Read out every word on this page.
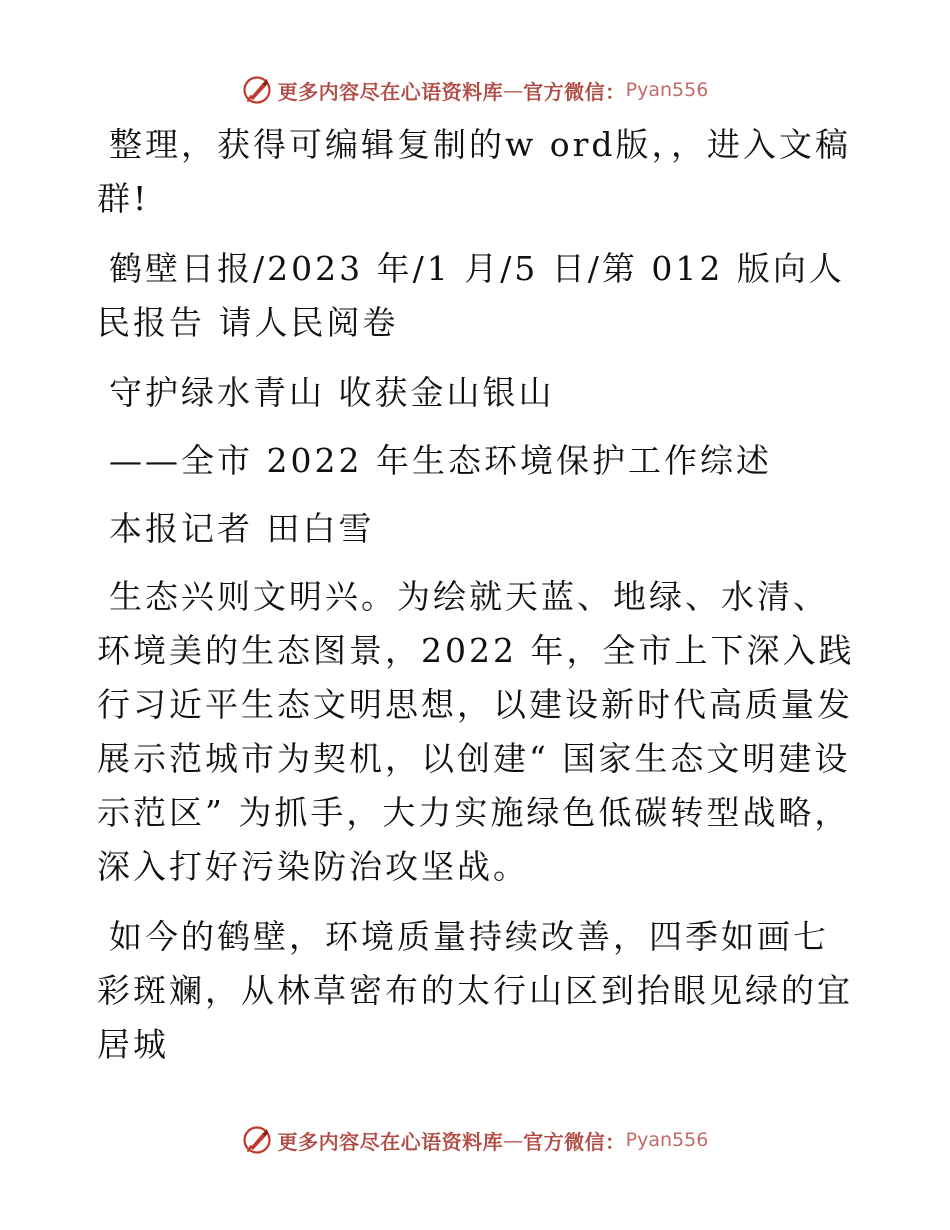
更多内容尽在心语资料库 — 官方微信： Pyan556

整理，获得可编辑复制的w ord版，，进入文稿群!

鹤壁日报/2023 年/1 月/5 日/第 012 版向人民报告 请人民阅卷

守护绿水青山 收获金山银山

——全市 2022 年生态环境保护工作综述

本报记者 田白雪

生态兴则文明兴。为绘就天蓝、地绿、水清、环境美的生态图景，2022 年，全市上下深入践行习近平生态文明思想，以建设新时代高质量发展示范城市为契机，以创建“ 国家生态文明建设示范区” 为抓手，大力实施绿色低碳转型战略，深入打好污染防治攻坚战。

如今的鹤壁，环境质量持续改善，四季如画七彩斑斓，从林草密布的太行山区到抬眼见绿的宜居城

更多内容尽在心语资料库 — 官方微信： Pyan556
